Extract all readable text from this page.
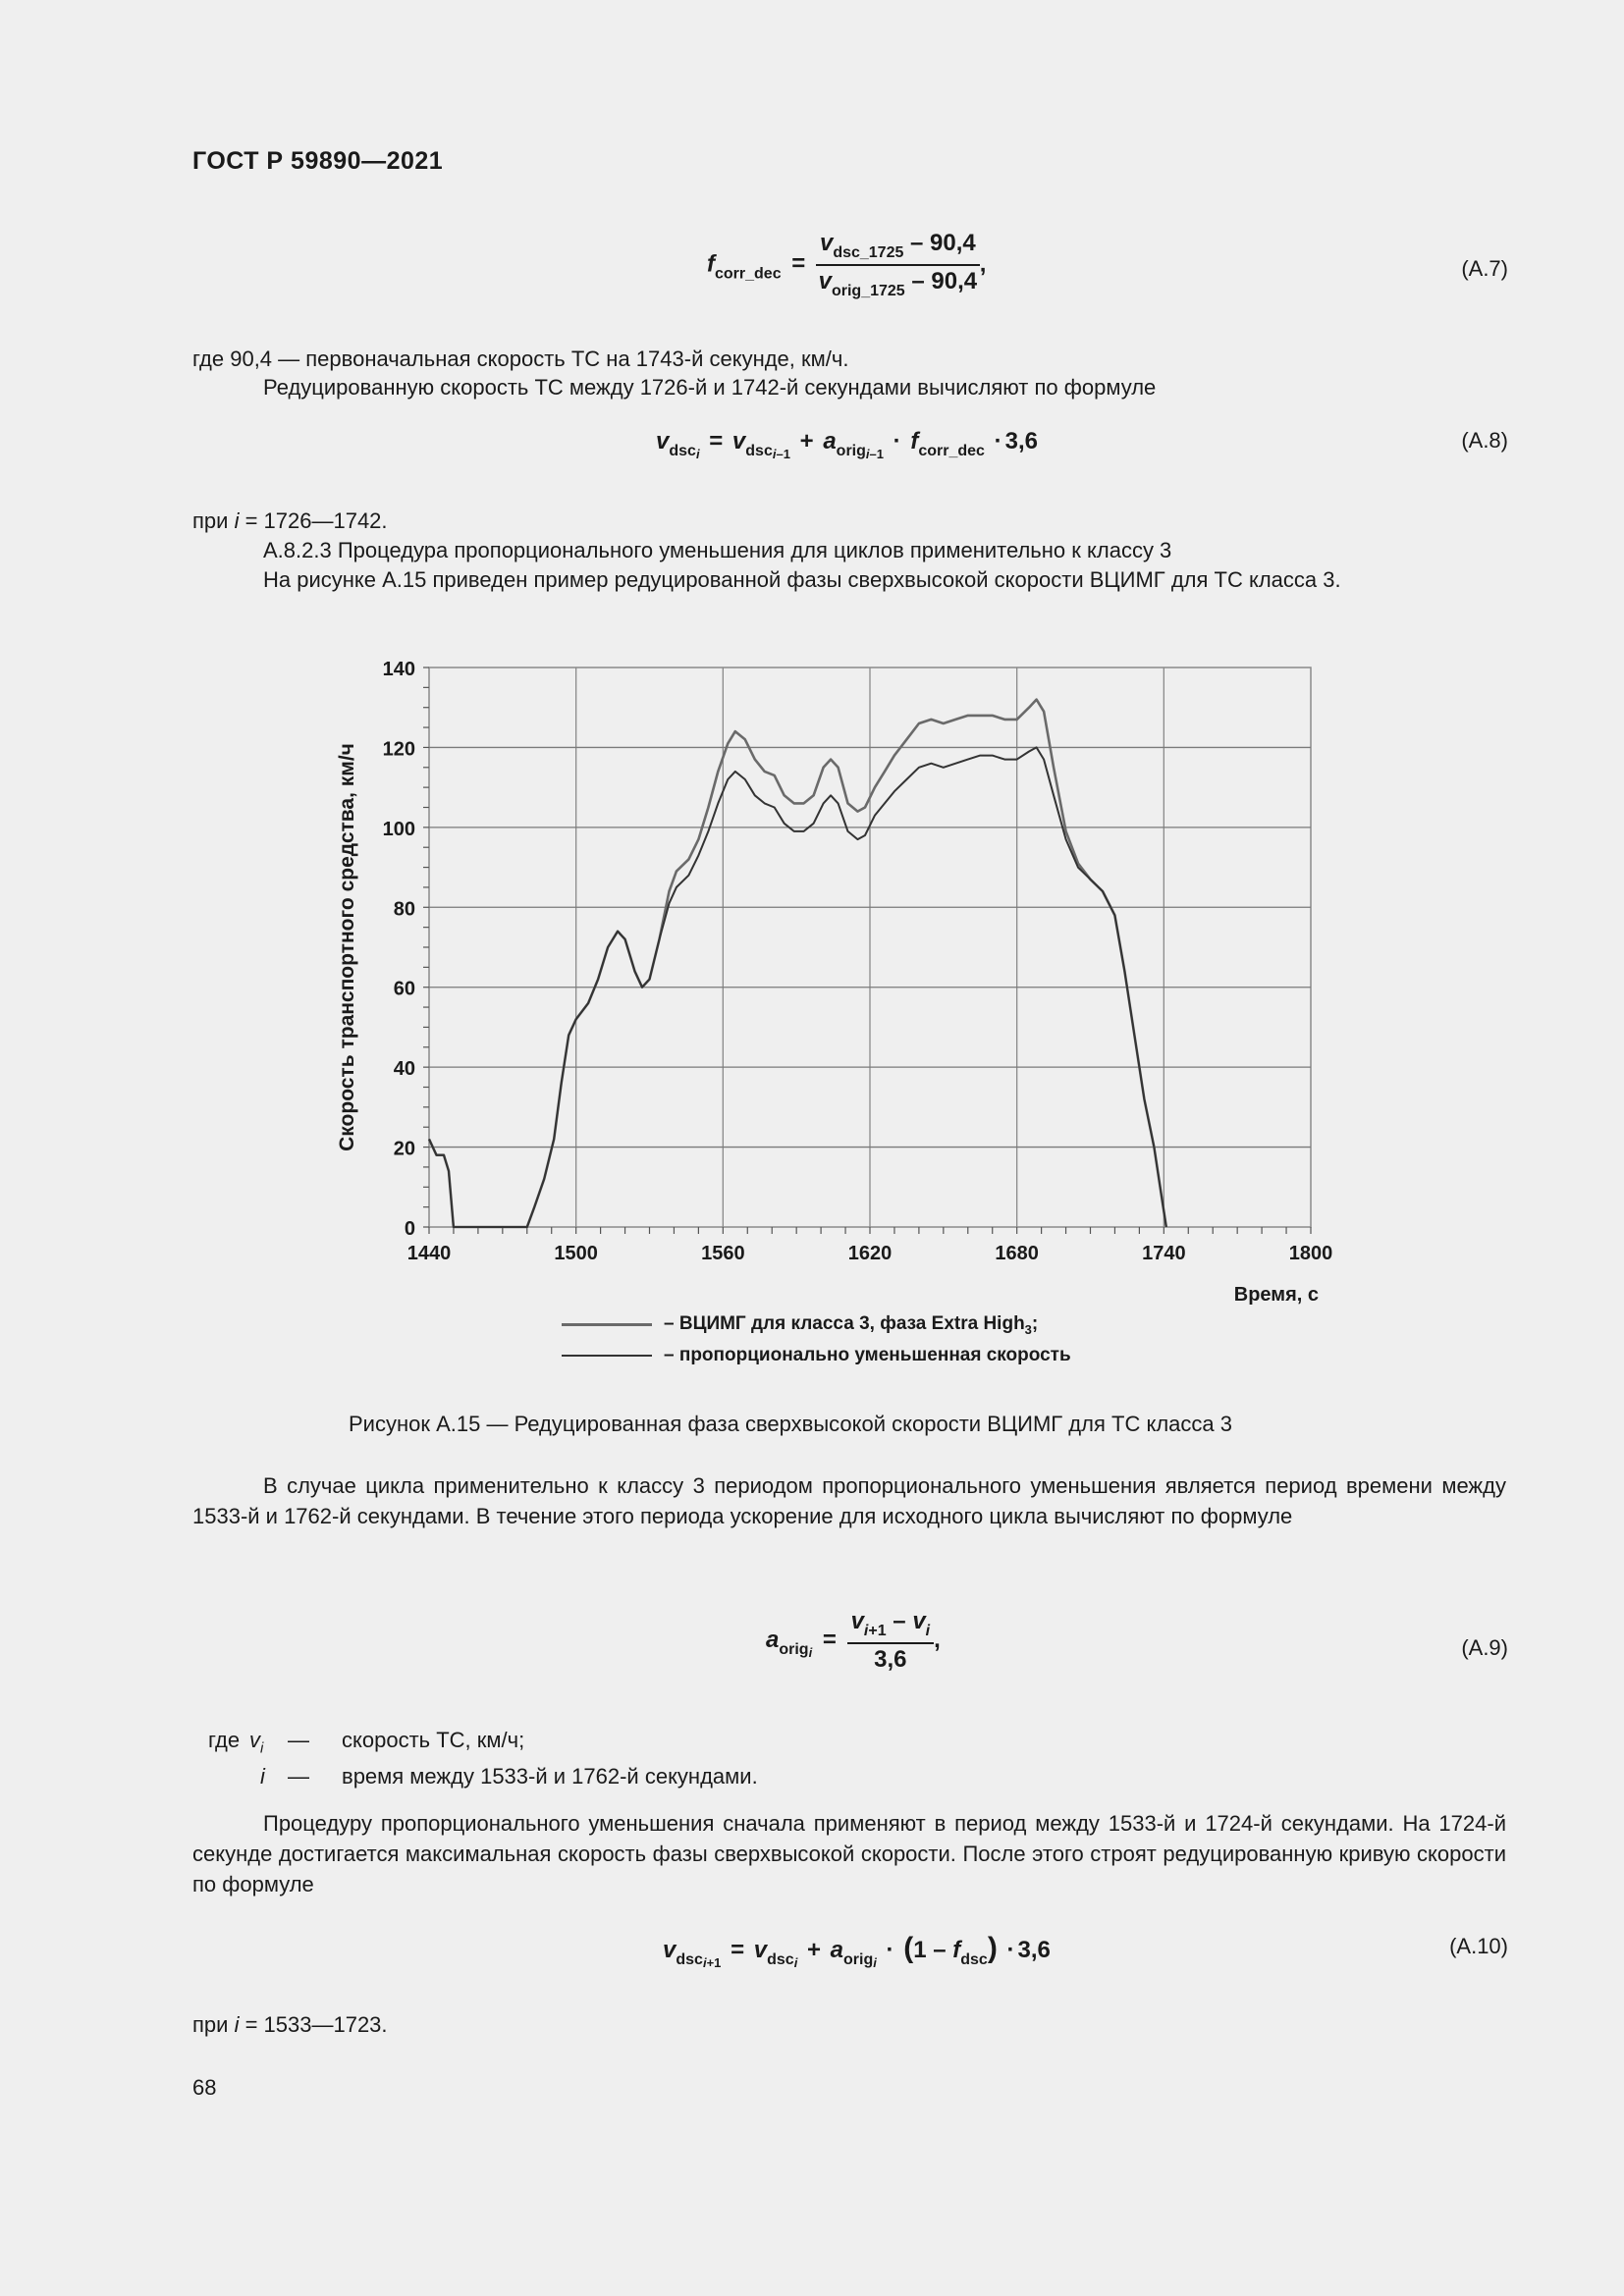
ГОСТ Р 59890—2021
$f_{corr\_dec} = \frac{v_{dsc\_1725} - 90,4}{v_{orig\_1725} - 90,4}$ ,	(А.7)
где 90,4 — первоначальная скорость ТС на 1743-й секунде, км/ч.
Редуцированную скорость ТС между 1726-й и 1742-й секундами вычисляют по формуле
$v_{dsc_i} = v_{dsc_{i-1}} + a_{orig_{i-1}} \cdot f_{corr\_dec} \cdot 3,6$	(А.8)
при i = 1726—1742.
А.8.2.3 Процедура пропорционального уменьшения для циклов применительно к классу 3
На рисунке А.15 приведен пример редуцированной фазы сверхвысокой скорости ВЦИМГ для ТС класса 3.
1440	1500	1560	1620	1680	1740	1800
0
20
40
60
80
100
120
140
Скорость транспортного средства, км/ч
Время, с
– ВЦИМГ для класса 3, фаза Extra High$_3$;
– пропорционально уменьшенная скорость
Рисунок А.15 — Редуцированная фаза сверхвысокой скорости ВЦИМГ для ТС класса 3
В случае цикла применительно к классу 3 периодом пропорционального уменьшения является период времени между 1533-й и 1762-й секундами. В течение этого периода ускорение для исходного цикла вычисляют по формуле
$a_{orig_i} = \frac{v_{i+1} - v_i}{3,6}$ ,	(А.9)
где $v_i$ — скорость ТС, км/ч;
i — время между 1533-й и 1762-й секундами.
Процедуру пропорционального уменьшения сначала применяют в период между 1533-й и 1724-й секундами. На 1724-й секунде достигается максимальная скорость фазы сверхвысокой скорости. После этого строят редуцированную кривую скорости по формуле
$v_{dsc_{i+1}} = v_{dsc_i} + a_{orig_i} \cdot (1 - f_{dsc}) \cdot 3,6$	(А.10)
при i = 1533—1723.
68
